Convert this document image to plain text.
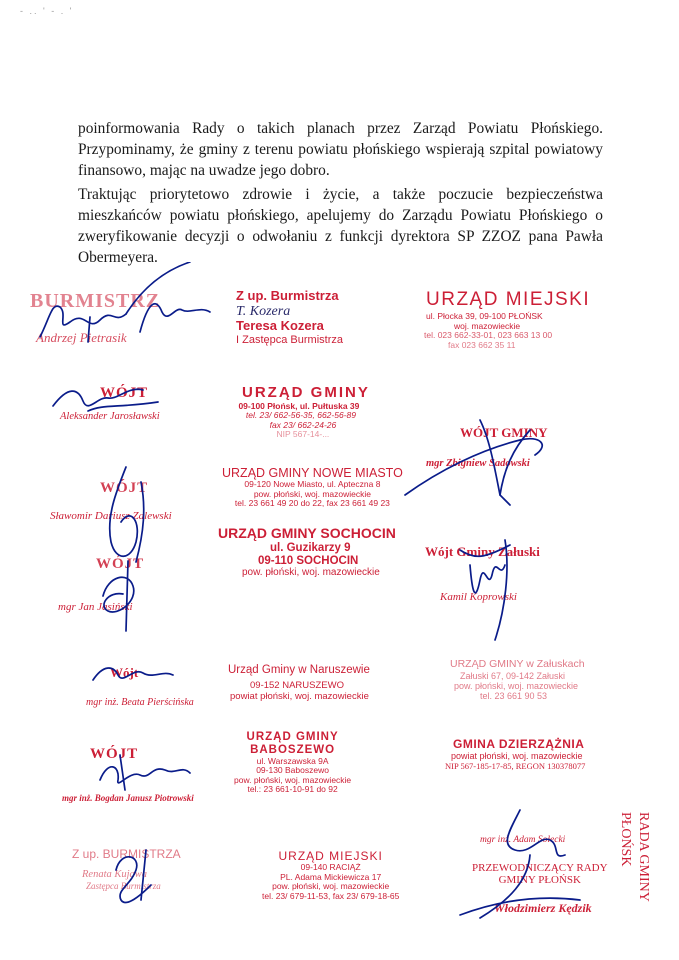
- .. ' - . '

poinformowania Rady o takich planach przez Zarząd Powiatu Płońskiego. Przypominamy, że gminy z terenu powiatu płońskiego wspierają szpital powiatowy finansowo, mając na uwadze jego dobro.

Traktując priorytetowo zdrowie i życie, a także poczucie bezpieczeństwa mieszkańców powiatu płońskiego, apelujemy do Zarządu Powiatu Płońskiego o zweryfikowanie decyzji o odwołaniu z funkcji dyrektora SP ZZOZ pana Pawła Obermeyera.

BURMISTRZ
Andrzej Pietrasik
Z up. Burmistrza
T. Kozera
Teresa Kozera
I Zastępca Burmistrza
URZĄD MIEJSKI
ul. Płocka 39, 09-100 PŁOŃSK
woj. mazowieckie
tel. 023 662-33-01, 023 663 13 00
fax 023 662 35 11
WÓJT
Aleksander Jarosławski
URZĄD GMINY
09-100 Płońsk, ul. Pułtuska 39
tel. 23/ 662-56-35, 662-56-89
fax 23/ 662-24-26
NIP 567-14-...	WÓJT GMINY
mgr Zbigniew Sadowski
WÓJT
Sławomir Dariusz Zalewski
URZĄD GMINY NOWE MIASTO
09-120 Nowe Miasto, ul. Apteczna 8
pow. płoński, woj. mazowieckie
tel. 23 661 49 20 do 22, fax 23 661 49 23
URZĄD GMINY SOCHOCIN
ul. Guzikarzy 9
09-110 SOCHOCIN
pow. płoński, woj. mazowieckie
Wójt Gminy Załuski
Kamil Koprowski
WÓJT
mgr Jan Jasiński
Wójt
mgr inż. Beata Pierścińska
Urząd Gminy w Naruszewie
09-152 NARUSZEWO
powiat płoński, woj. mazowieckie
URZĄD GMINY w Załuskach
Załuski 67, 09-142 Załuski
pow. płoński, woj. mazowieckie
tel. 23 661 90 53
URZĄD GMINY
BABOSZEWO
ul. Warszawska 9A
09-130 Baboszewo
pow. płoński, woj. mazowieckie
tel.: 23 661-10-91 do 92
GMINA DZIERZĄŻNIA
powiat płoński, woj. mazowieckie
NIP 567-185-17-85, REGON 130378077
WÓJT
mgr inż. Bogdan Janusz Piotrowski
Z up. BURMISTRZA
Renata Kujawa
Zastępca Burmistrza
URZĄD MIEJSKI
09-140 RACIĄŻ
PL. Adama Mickiewicza 17
pow. płoński, woj. mazowieckie
tel. 23/ 679-11-53, fax 23/ 679-18-65
mgr inż. Adam Sołecki
PRZEWODNICZĄCY RADY
GMINY PŁOŃSK
Włodzimierz Kędzik
RADA GMINY
PŁOŃSK
